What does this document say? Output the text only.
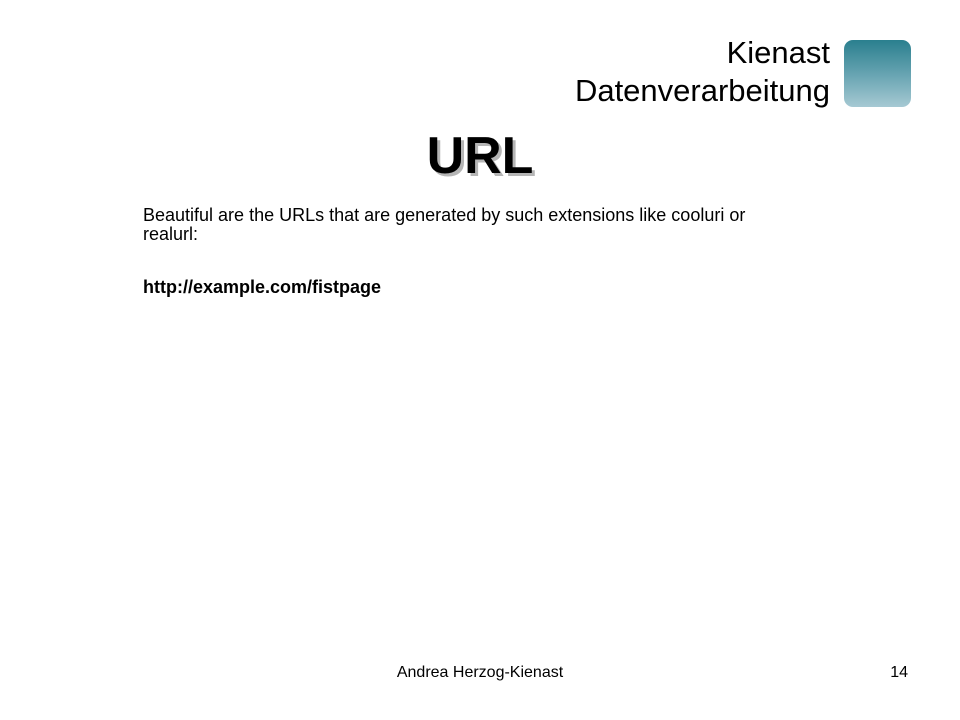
Kienast
Datenverarbeitung
URL
Beautiful are the URLs that are generated by such extensions like cooluri or realurl:
http://example.com/fistpage
Andrea Herzog-Kienast	14
